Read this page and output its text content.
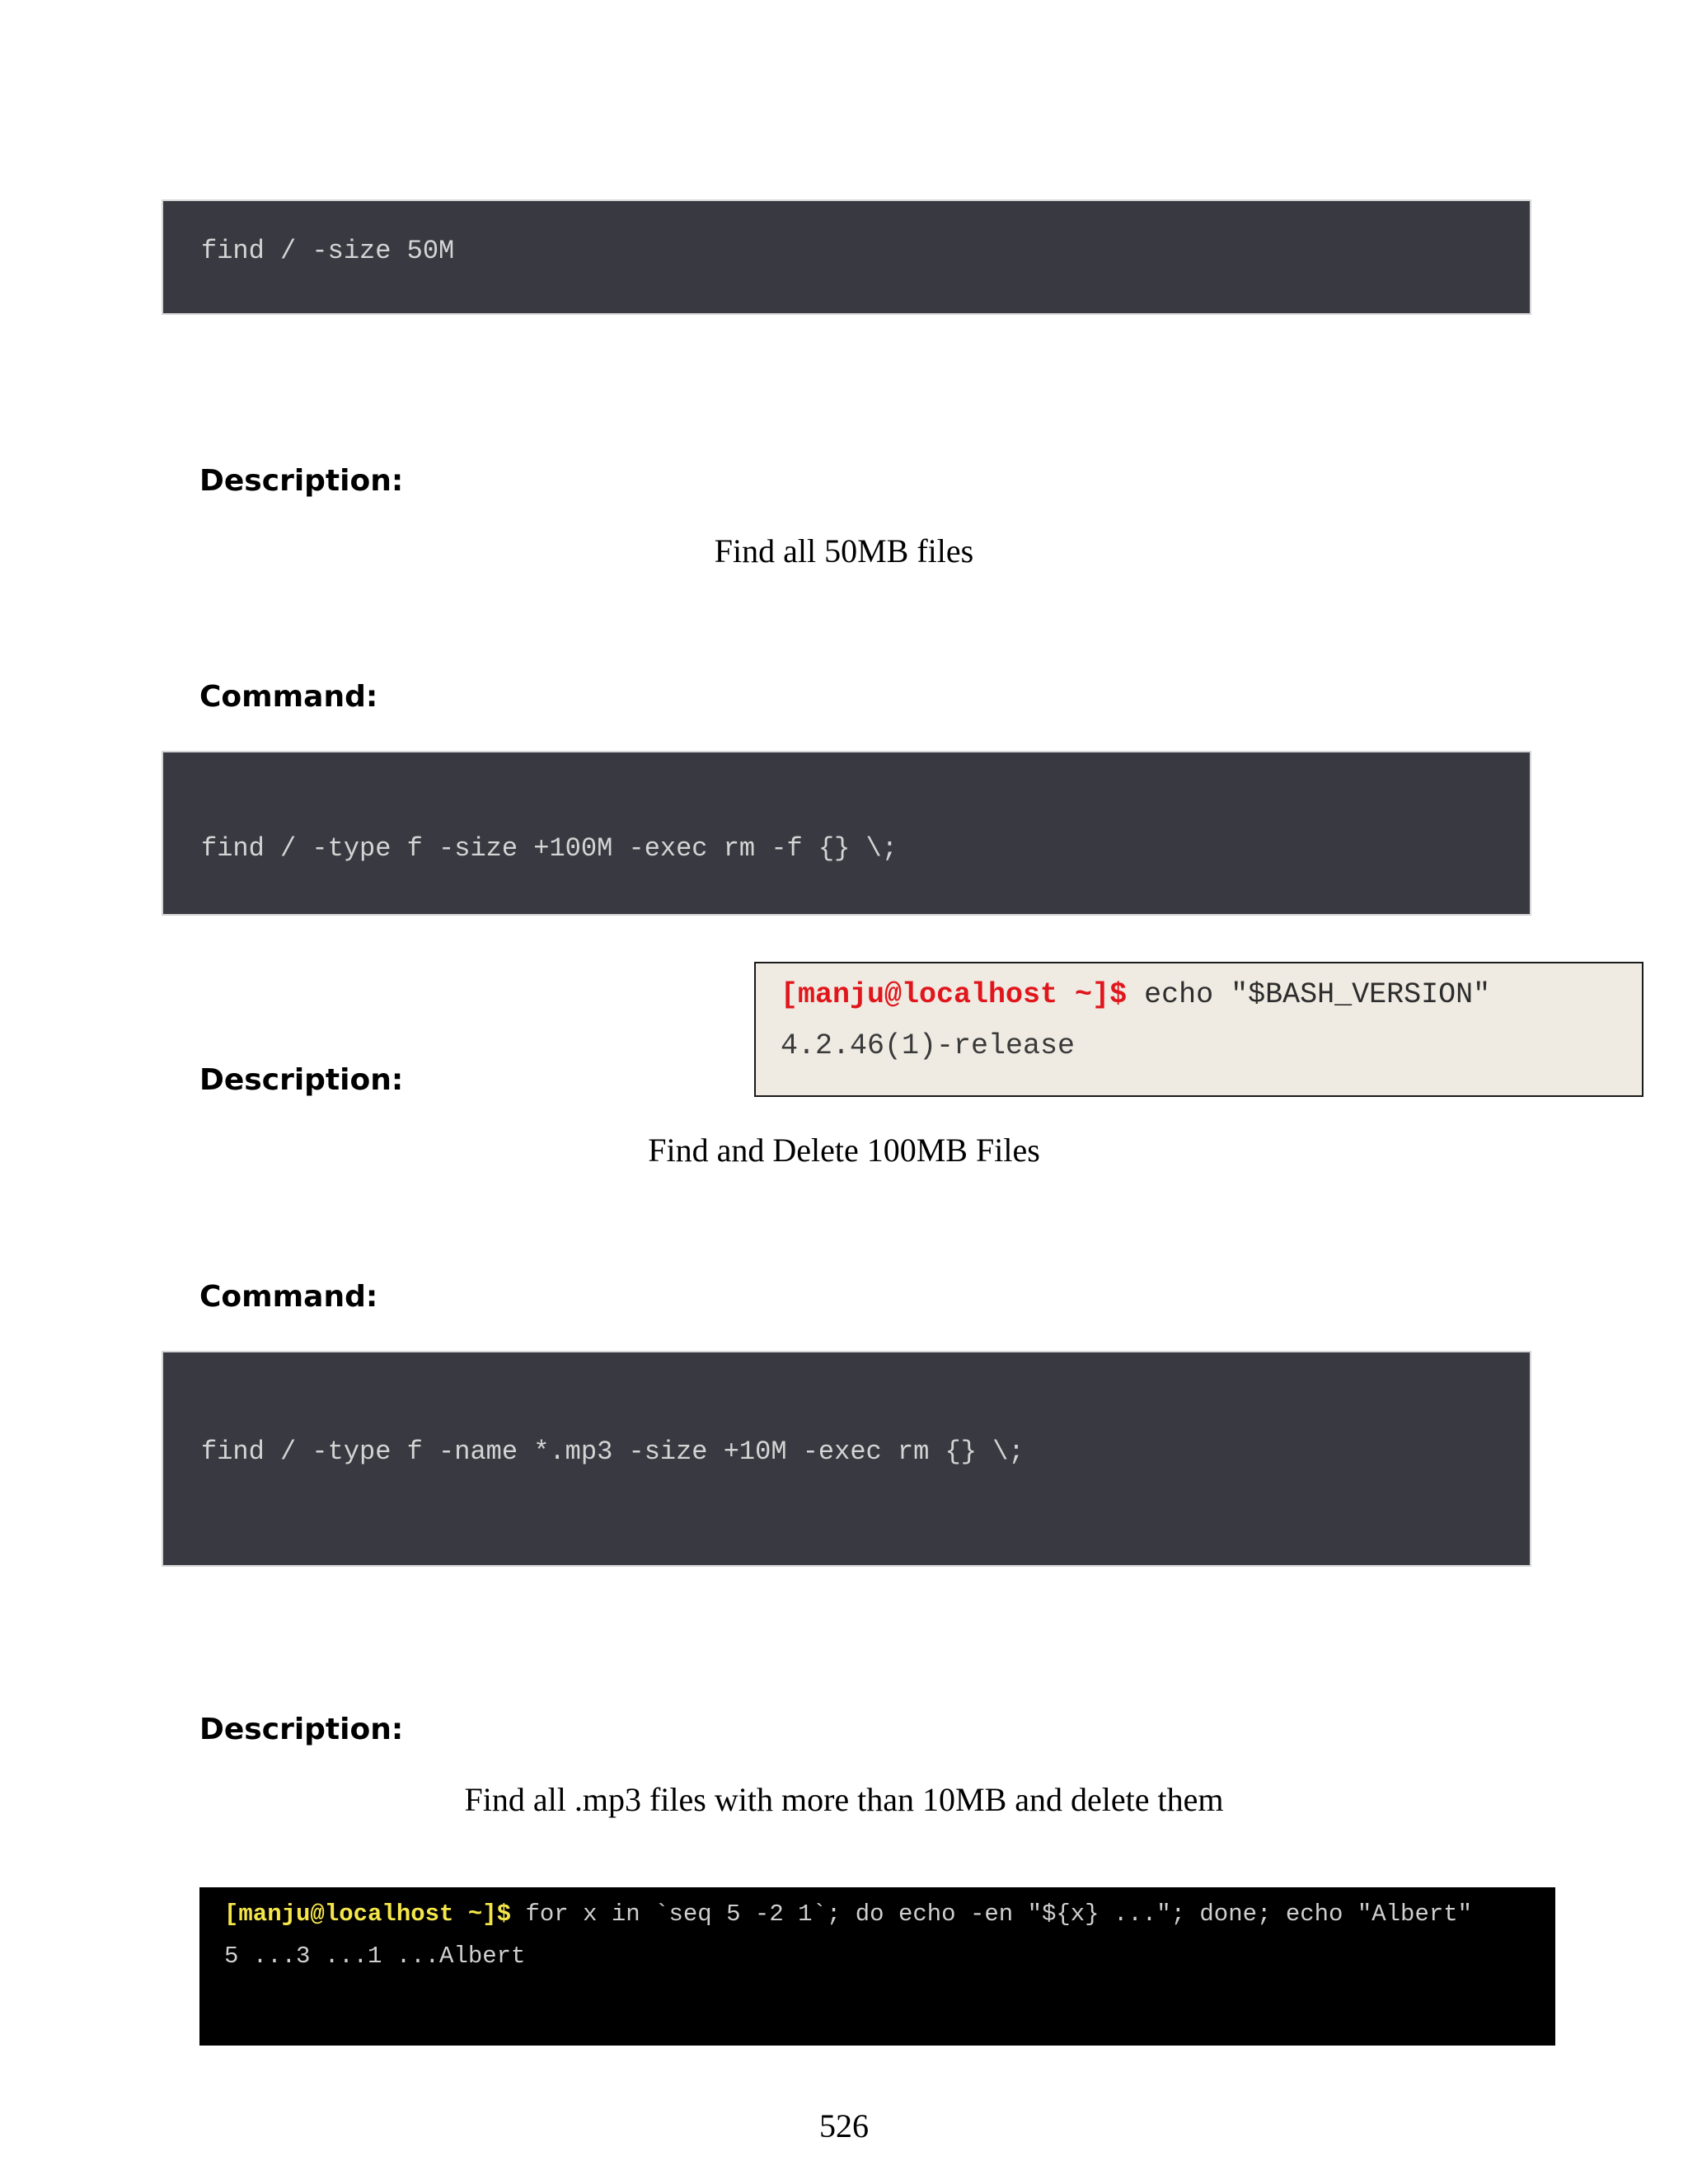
find / -size 50M
Description:
Find all 50MB files
Command:
find / -type f -size +100M -exec rm -f {} \;
[manju@localhost ~]$ echo "$BASH_VERSION"
4.2.46(1)-release
Description:
Find and Delete 100MB Files
Command:
find / -type f -name *.mp3 -size +10M -exec rm {} \;
Description:
Find all .mp3 files with more than 10MB and delete them
[manju@localhost ~]$ for x in `seq 5 -2 1`; do echo -en "${x} ..."; done; echo "Albert"
5 ...3 ...1 ...Albert
526
